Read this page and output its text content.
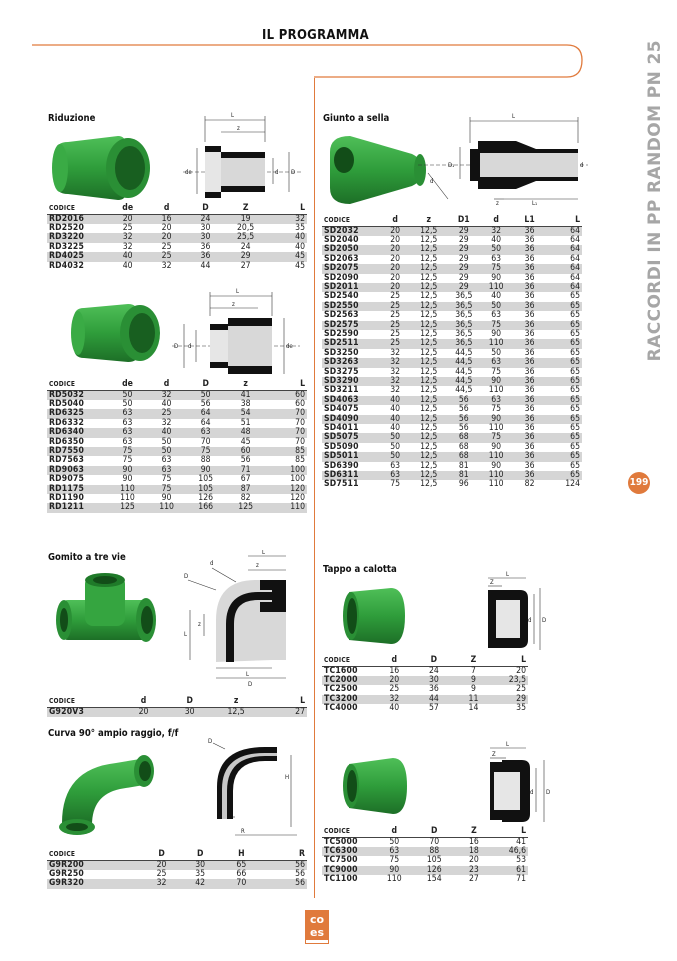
IL PROGRAMMA
RACCORDI IN PP RANDOM PN 25
199
Riduzione	L
z
de	d D
CODICE	de	d	D	Z	L
RD2016	20	16	24	19	32
RD2520	25	20	30	20,5	35
RD3220	32	20	30	25,5	40
RD3225	32	25	36	24	40
RD4025	40	25	36	29	45
RD4032	40	32	44	27	45
L
z
D d	de
CODICE	de	d	D	z	L
RD5032	50	32	50	41	60
RD5040	50	40	56	38	60
RD6325	63	25	64	54	70
RD6332	63	32	64	51	70
RD6340	63	40	63	48	70
RD6350	63	50	70	45	70
RD7550	75	50	75	60	85
RD7563	75	63	88	56	85
RD9063	90	63	90	71	100
RD9075	90	75	105	67	100
RD1175	110	75	105	87	120
RD1190	110	90	126	82	120
RD1211	125	110	166	125	110
Gomito a tre vie	L
z
D
d
L
z
L
D
CODICE	d	D	z	L
G920V3	20	30	12,5	27
Curva 90° ampio raggio, f/f
D
H
R
CODICE	D	D	H	R
G9R200	20	30	65	56
G9R250	25	35	66	56
G9R320	32	42	70	56
Giunto a sella	L
D₁	d
z	L₁
d
CODICE	d	z	D1	d	L1	L
SD2032	20	12,5	29	32	36	64
SD2040	20	12,5	29	40	36	64
SD2050	20	12,5	29	50	36	64
SD2063	20	12,5	29	63	36	64
SD2075	20	12,5	29	75	36	64
SD2090	20	12,5	29	90	36	64
SD2011	20	12,5	29	110	36	64
SD2540	25	12,5	36,5	40	36	65
SD2550	25	12,5	36,5	50	36	65
SD2563	25	12,5	36,5	63	36	65
SD2575	25	12,5	36,5	75	36	65
SD2590	25	12,5	36,5	90	36	65
SD2511	25	12,5	36,5	110	36	65
SD3250	32	12,5	44,5	50	36	65
SD3263	32	12,5	44,5	63	36	65
SD3275	32	12,5	44,5	75	36	65
SD3290	32	12,5	44,5	90	36	65
SD3211	32	12,5	44,5	110	36	65
SD4063	40	12,5	56	63	36	65
SD4075	40	12,5	56	75	36	65
SD4090	40	12,5	56	90	36	65
SD4011	40	12,5	56	110	36	65
SD5075	50	12,5	68	75	36	65
SD5090	50	12,5	68	90	36	65
SD5011	50	12,5	68	110	36	65
SD6390	63	12,5	81	90	36	65
SD6311	63	12,5	81	110	36	65
SD7511	75	12,5	96	110	82	124
Tappo a calotta	L
Z
d D
CODICE	d	D	Z	L
TC1600	16	24	7	20
TC2000	20	30	9	23,5
TC2500	25	36	9	25
TC3200	32	44	11	29
TC4000	40	57	14	35
L
Z
d D
CODICE	d	D	Z	L
TC5000	50	70	16	41
TC6300	63	88	18	46,6
TC7500	75	105	20	53
TC9000	90	126	23	61
TC1100	110	154	27	71
co
es
